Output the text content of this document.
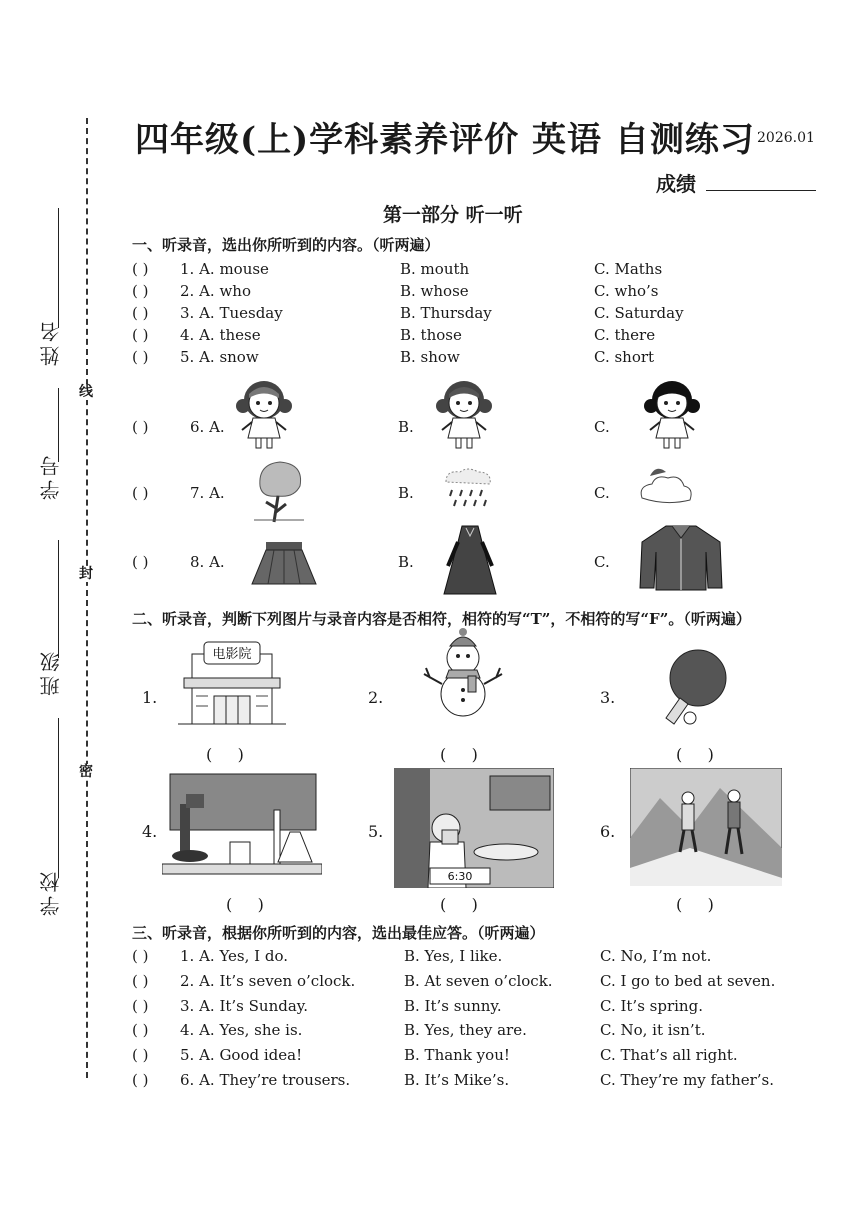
线
封
密
姓名
学号
班级
学校
四年级(上)学科素养评价 英语 自测练习 2026.01
成绩
第一部分 听一听
一、听录音，选出你所听到的内容。（听两遍）
( ) 1. A. mouse	B. mouth	C. Maths
( ) 2. A. who	B. whose	C. who’s
( ) 3. A. Tuesday	B. Thursday	C. Saturday
( ) 4. A. these	B. those	C. there
( ) 5. A. snow	B. show	C. short
( )	6. A.	B.	C.
( )	7. A.	B.	C.
( )	8. A.	B.	C.
二、听录音，判断下列图片与录音内容是否相符，相符的写“T”，不相符的写“F”。（听两遍）
1.
电影院
(     )
2.
(     )
3.
(     )
4.
(     )
5.
6:30
(     )
6.
(     )
三、听录音，根据你所听到的内容，选出最佳应答。（听两遍）
( ) 1. A. Yes, I do.	B. Yes, I like.	C. No, I’m not.
( ) 2. A. It’s seven o’clock.	B. At seven o’clock.	C. I go to bed at seven.
( ) 3. A. It’s Sunday.	B. It’s sunny.	C. It’s spring.
( ) 4. A. Yes, she is.	B. Yes, they are.	C. No, it isn’t.
( ) 5. A. Good idea!	B. Thank you!	C. That’s all right.
( ) 6. A. They’re trousers.	B. It’s Mike’s.	C. They’re my father’s.
